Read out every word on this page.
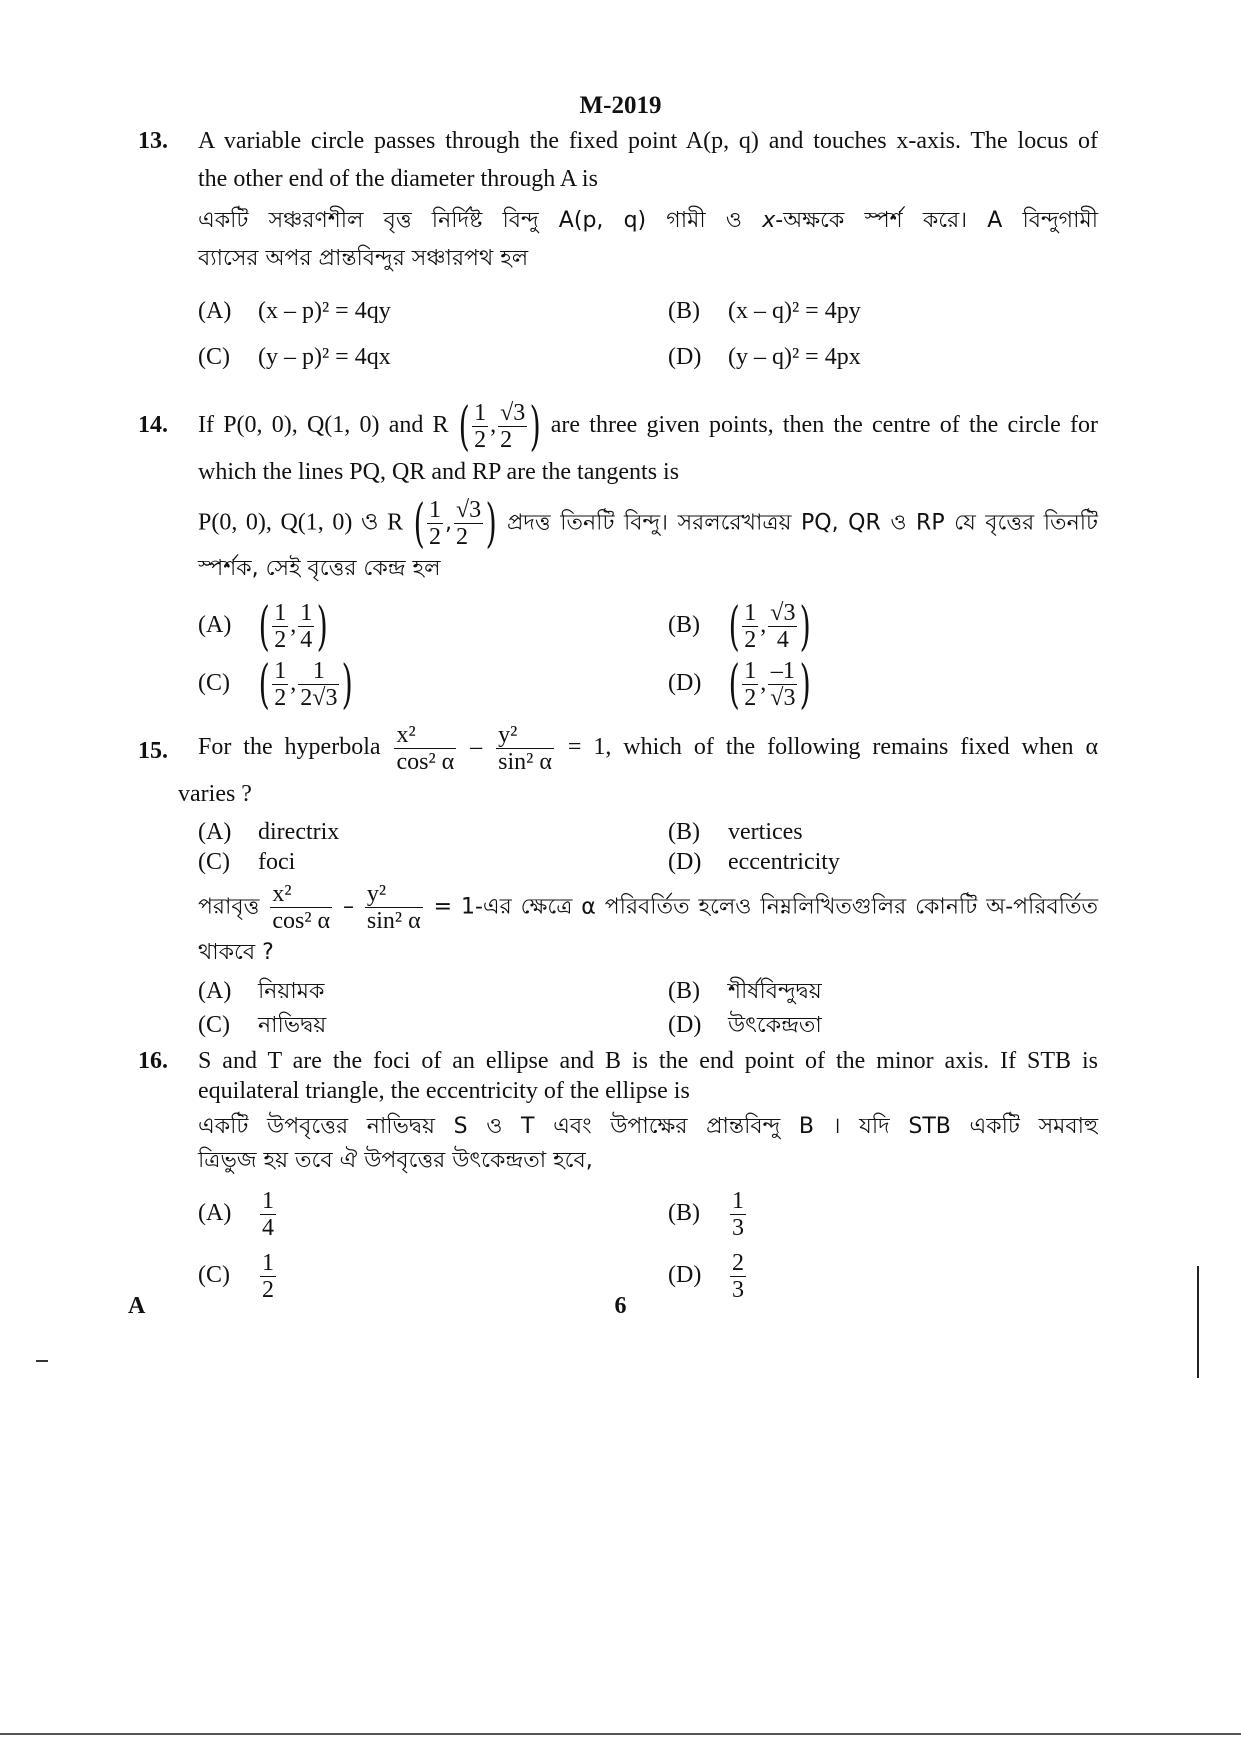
M-2019
13. A variable circle passes through the fixed point A(p, q) and touches x-axis. The locus of
the other end of the diameter through A is
একটি সঞ্চরণশীল বৃত্ত নির্দিষ্ট বিন্দু A(p, q) গামী ও x-অক্ষকে স্পর্শ করে। A বিন্দুগামী
ব্যাসের অপর প্রান্তবিন্দুর সঞ্চারপথ হল
(A) (x – p)² = 4qy	(B) (x – q)² = 4py
(C) (y – p)² = 4qx	(D) (y – q)² = 4px
14. If P(0, 0), Q(1, 0) and R ( $\frac{1}{2}$ , $\frac{√3}{2}$ ) are three given points, then the centre of the circle for
which the lines PQ, QR and RP are the tangents is
P(0, 0), Q(1, 0) ও R ( $\frac{1}{2}$ , $\frac{√3}{2}$ ) প্রদত্ত তিনটি বিন্দু। সরলরেখাত্রয় PQ, QR ও RP যে বৃত্তের তিনটি
স্পর্শক, সেই বৃত্তের কেন্দ্র হল
(A) ( $\frac{1}{2}$ , $\frac{1}{4}$ )	(B) ( $\frac{1}{2}$ , $\frac{√3}{4}$ )
(C) ( $\frac{1}{2}$ , $\frac{1}{2√3}$ )	(D) ( $\frac{1}{2}$ , $\frac{-1}{√3}$ )
15.	For the hyperbola $\frac{\text{x²}}{\text{cos² α}} - \frac{\text{y²}}{\text{sin² α}} = 1$, which of the following remains fixed when α
varies ?
(A) directrix	(B) vertices
(C) foci	(D) eccentricity
পরাবৃত্ত $\frac{\text{x²}}{\text{cos² α}} - \frac{\text{y²}}{\text{sin² α}}$ = 1-এর ক্ষেত্রে α পরিবর্তিত হলেও নিম্নলিখিতগুলির কোনটি অ-পরিবর্তিত
থাকবে ?
(A) নিয়ামক	(B) শীর্ষবিন্দুদ্বয়
(C) নাভিদ্বয়	(D) উৎকেন্দ্রতা
16. S and T are the foci of an ellipse and B is the end point of the minor axis. If STB is
equilateral triangle, the eccentricity of the ellipse is
একটি উপবৃত্তের নাভিদ্বয় S ও T এবং উপাক্ষের প্রান্তবিন্দু B । যদি STB একটি সমবাহু
ত্রিভুজ হয় তবে ঐ উপবৃত্তের উৎকেন্দ্রতা হবে,
$(A) \frac{1}{4}$	$(B) \frac{1}{3}$
$(C) \frac{1}{2}$	$(D) \frac{2}{3}$
A	6
